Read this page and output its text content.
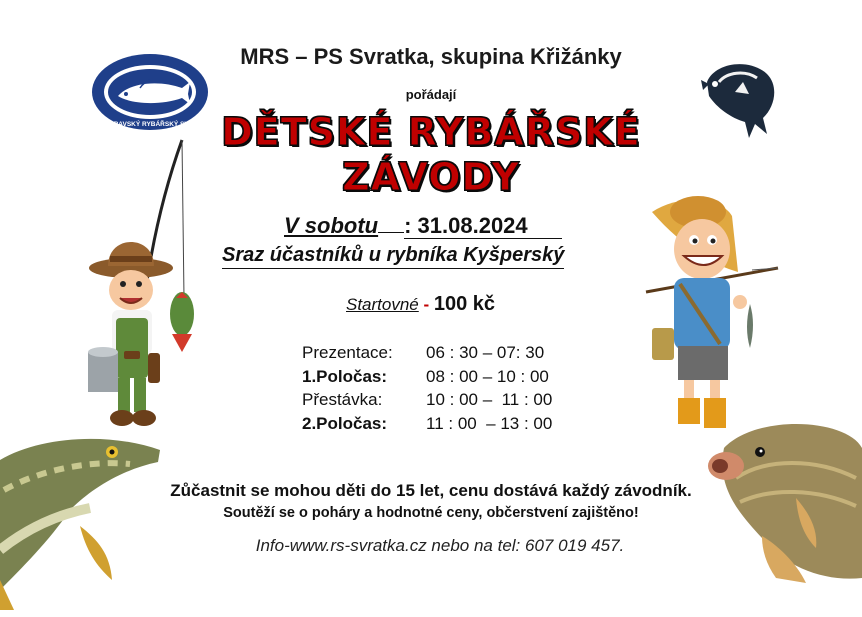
MORAVSKÝ RYBÁŘSKÝ SVAZ
MRS – PS Svratka, skupina Křižánky
pořádají
DĚTSKÉ RYBÁŘSKÉ
ZÁVODY
V sobotu : 31.08.2024
Sraz účastníků u rybníka Kyšperský
Startovné - 100 kč
Prezentace:	06 : 30 – 07: 30
1.Poločas:	08 : 00 – 10 : 00
Přestávka:	10 : 00 –  11 : 00
2.Poločas:	11 : 00  – 13 : 00
Zůčastnit se mohou děti do 15 let, cenu dostává každý závodník.
Soutěží se o poháry a hodnotné ceny, občerstvení zajištěno!
Info-www.rs-svratka.cz nebo na tel: 607 019 457.
